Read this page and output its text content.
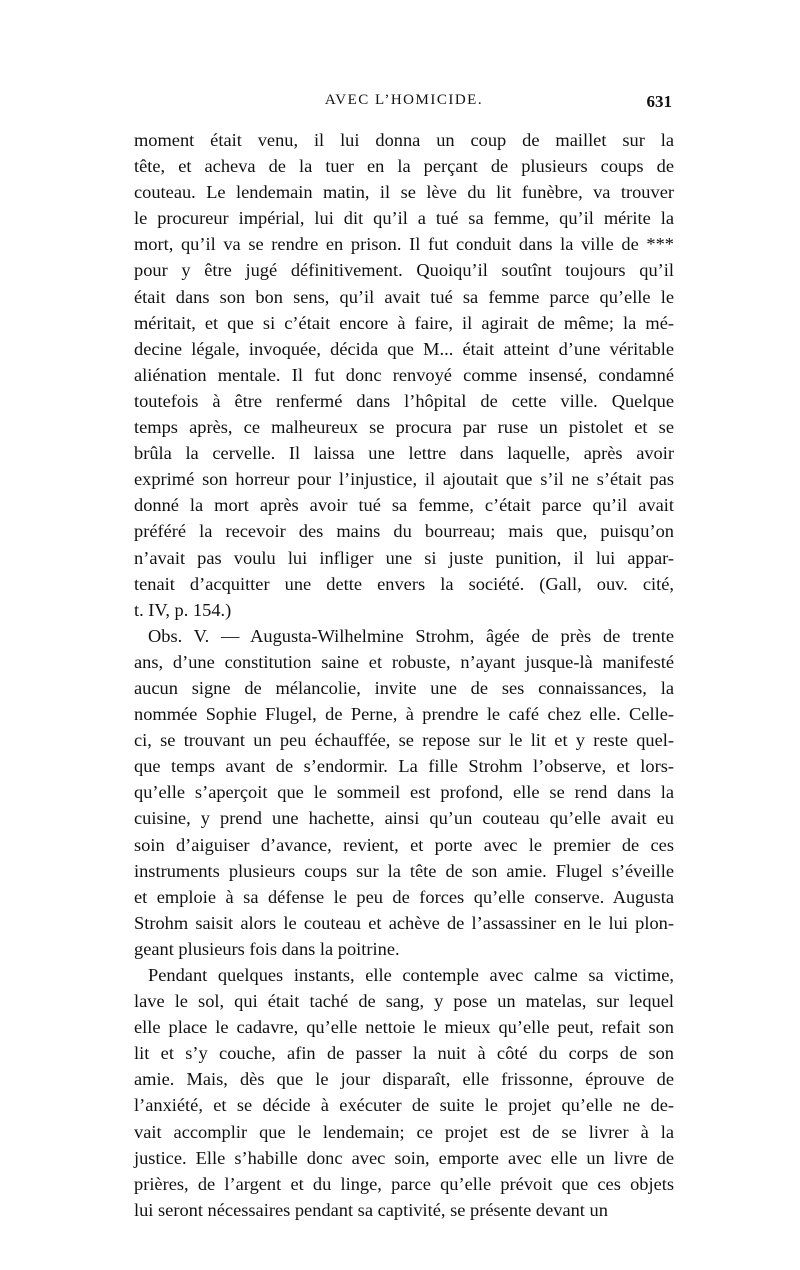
AVEC L’HOMICIDE.	631
moment était venu, il lui donna un coup de maillet sur la
tête, et acheva de la tuer en la perçant de plusieurs coups de
couteau. Le lendemain matin, il se lève du lit funèbre, va trouver
le procureur impérial, lui dit qu’il a tué sa femme, qu’il mérite la
mort, qu’il va se rendre en prison. Il fut conduit dans la ville de ***
pour y être jugé définitivement. Quoiqu’il soutînt toujours qu’il
était dans son bon sens, qu’il avait tué sa femme parce qu’elle le
méritait, et que si c’était encore à faire, il agirait de même; la mé-
decine légale, invoquée, décida que M... était atteint d’une véritable
aliénation mentale. Il fut donc renvoyé comme insensé, condamné
toutefois à être renfermé dans l’hôpital de cette ville. Quelque
temps après, ce malheureux se procura par ruse un pistolet et se
brûla la cervelle. Il laissa une lettre dans laquelle, après avoir
exprimé son horreur pour l’injustice, il ajoutait que s’il ne s’était pas
donné la mort après avoir tué sa femme, c’était parce qu’il avait
préféré la recevoir des mains du bourreau; mais que, puisqu’on
n’avait pas voulu lui infliger une si juste punition, il lui appar-
tenait d’acquitter une dette envers la société. (Gall, ouv. cité,
t. IV, p. 154.)
Obs. V. — Augusta-Wilhelmine Strohm, âgée de près de trente
ans, d’une constitution saine et robuste, n’ayant jusque-là manifesté
aucun signe de mélancolie, invite une de ses connaissances, la
nommée Sophie Flugel, de Perne, à prendre le café chez elle. Celle-
ci, se trouvant un peu échauffée, se repose sur le lit et y reste quel-
que temps avant de s’endormir. La fille Strohm l’observe, et lors-
qu’elle s’aperçoit que le sommeil est profond, elle se rend dans la
cuisine, y prend une hachette, ainsi qu’un couteau qu’elle avait eu
soin d’aiguiser d’avance, revient, et porte avec le premier de ces
instruments plusieurs coups sur la tête de son amie. Flugel s’éveille
et emploie à sa défense le peu de forces qu’elle conserve. Augusta
Strohm saisit alors le couteau et achève de l’assassiner en le lui plon-
geant plusieurs fois dans la poitrine.
Pendant quelques instants, elle contemple avec calme sa victime,
lave le sol, qui était taché de sang, y pose un matelas, sur lequel
elle place le cadavre, qu’elle nettoie le mieux qu’elle peut, refait son
lit et s’y couche, afin de passer la nuit à côté du corps de son
amie. Mais, dès que le jour disparaît, elle frissonne, éprouve de
l’anxiété, et se décide à exécuter de suite le projet qu’elle ne de-
vait accomplir que le lendemain; ce projet est de se livrer à la
justice. Elle s’habille donc avec soin, emporte avec elle un livre de
prières, de l’argent et du linge, parce qu’elle prévoit que ces objets
lui seront nécessaires pendant sa captivité, se présente devant un
